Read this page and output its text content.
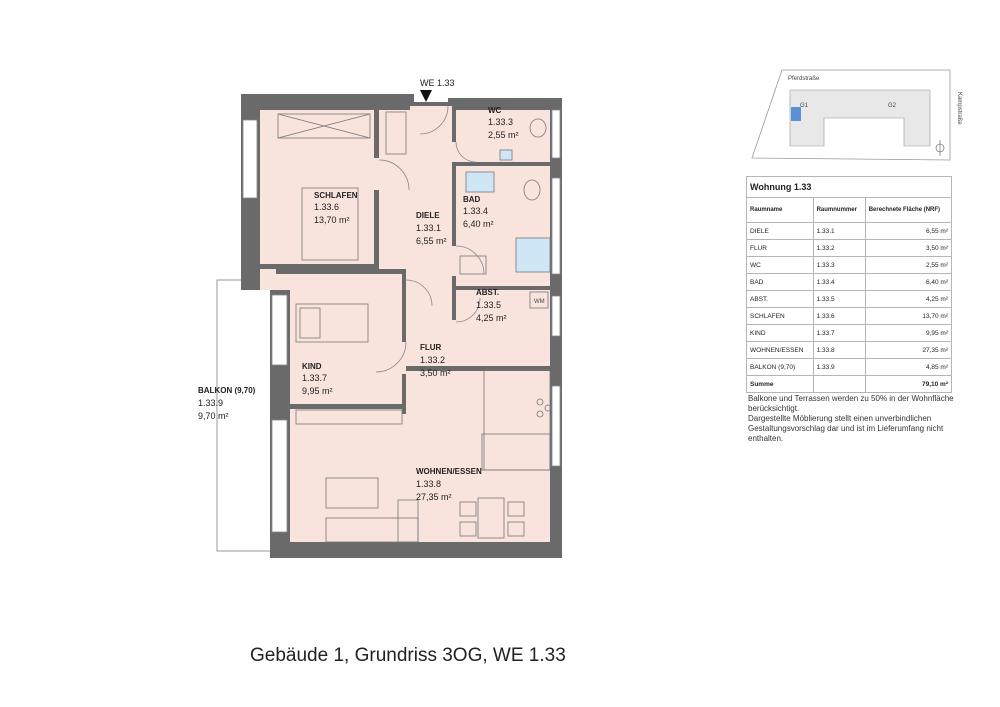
WE 1.33
SCHLAFEN
1.33.6
13,70 m²	DIELE
1.33.1
6,55 m²
WC
1.33.3
2,55 m²
BAD
1.33.4
6,40 m²
ABST.
1.33.5
4,25 m²
KIND
1.33.7
9,95 m²
FLUR
1.33.2
3,50 m²
WOHNEN/ESSEN
1.33.8
27,35 m²
BALKON (9,70)
1.33.9
9,70 m²
WM
Pferdstraße
G1	G2	Kampstraße
Wohnung 1.33		
Raumname	Raumnummer	Berechnete Fläche (NRF)
DIELE	1.33.1	6,55 m²
FLUR	1.33.2	3,50 m²
WC	1.33.3	2,55 m²
BAD	1.33.4	6,40 m²
ABST.	1.33.5	4,25 m²
SCHLAFEN	1.33.6	13,70 m²
KIND	1.33.7	9,95 m²
WOHNEN/ESSEN	1.33.8	27,35 m²
BALKON (9,70)	1.33.9	4,85 m²
Summe		79,10 m²

Balkone und Terrassen werden zu 50% in der Wohnfläche berücksichtigt.

Dargestellte Möblierung stellt einen unverbindlichen Gestaltungsvorschlag dar und ist im Lieferumfang nicht enthalten.

Gebäude 1, Grundriss 3OG, WE 1.33
